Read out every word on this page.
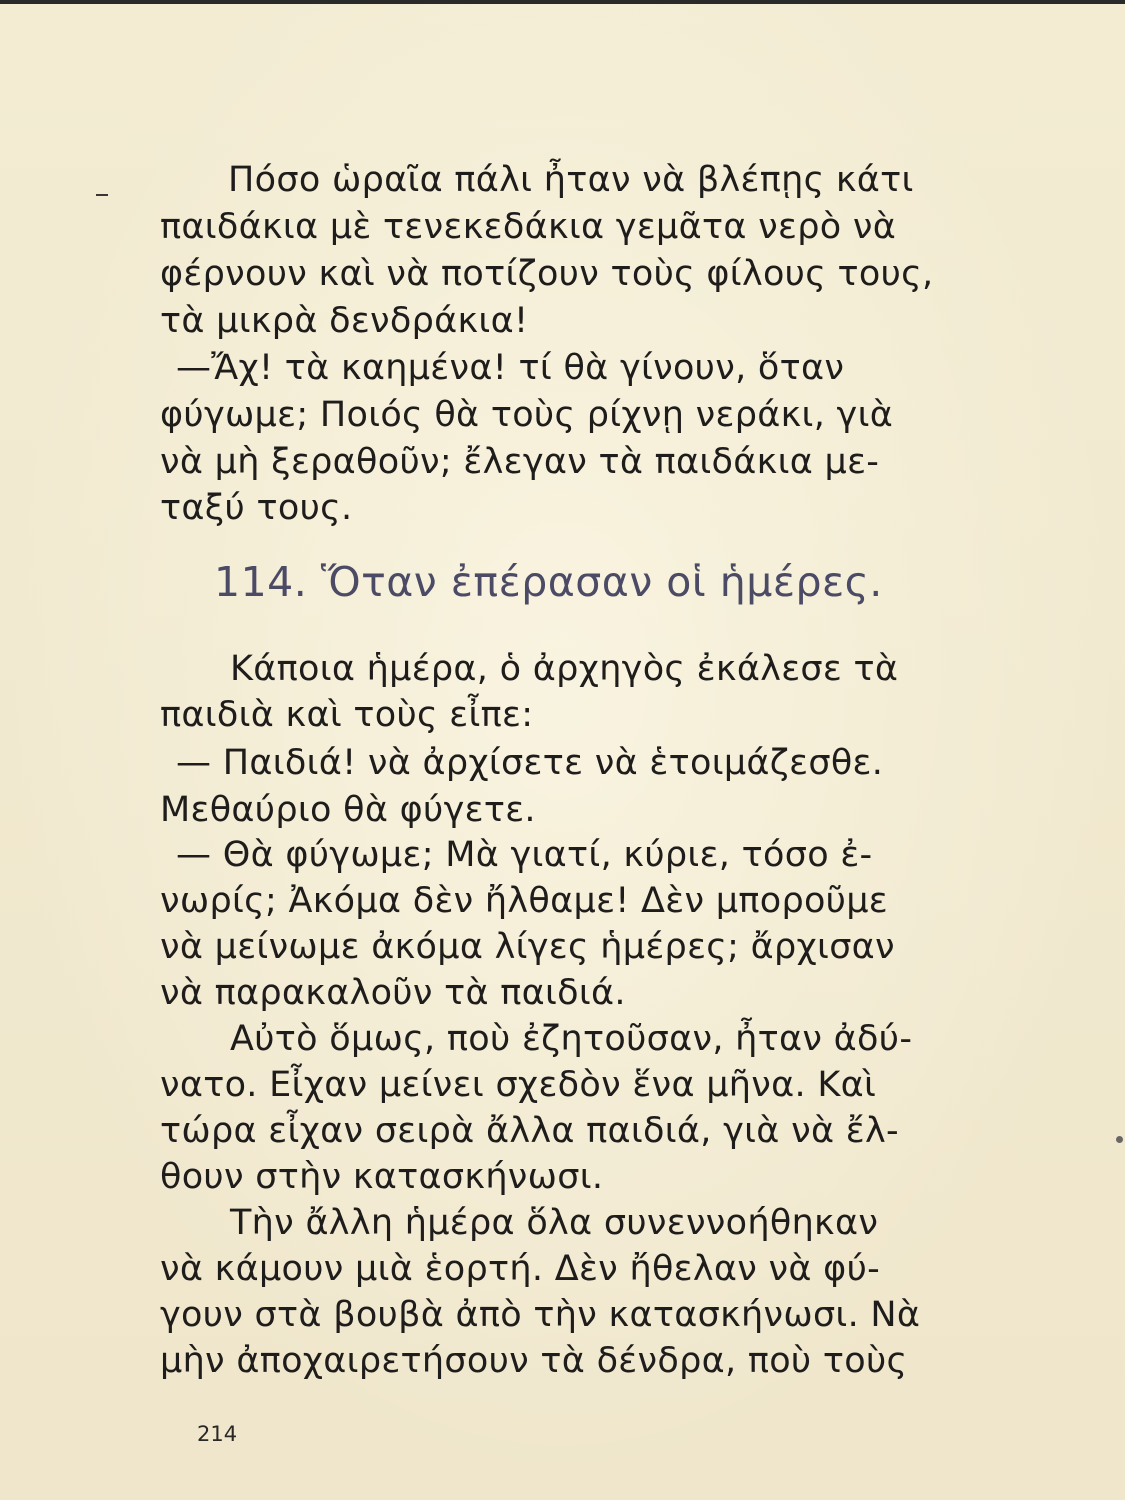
Πόσο ὡραῖα πάλι ἦταν νὰ βλέπῃς κάτι
παιδάκια μὲ τενεκεδάκια γεμᾶτα νερὸ νὰ
φέρνουν καὶ νὰ ποτίζουν τοὺς φίλους τους,
τὰ μικρὰ δενδράκια!
—Ἄχ! τὰ καημένα! τί θὰ γίνουν, ὅταν
φύγωμε; Ποιός θὰ τοὺς ρίχνῃ νεράκι, γιὰ
νὰ μὴ ξεραθοῦν; ἔλεγαν τὰ παιδάκια με-
ταξύ τους.
114. Ὅταν ἐπέρασαν οἱ ἡμέρες.
Κάποια ἡμέρα, ὁ ἀρχηγὸς ἐκάλεσε τὰ
παιδιὰ καὶ τοὺς εἶπε:
— Παιδιά! νὰ ἀρχίσετε νὰ ἑτοιμάζεσθε.
Μεθαύριο θὰ φύγετε.
— Θὰ φύγωμε; Μὰ γιατί, κύριε, τόσο ἐ-
νωρίς; Ἀκόμα δὲν ἤλθαμε! Δὲν μποροῦμε
νὰ μείνωμε ἀκόμα λίγες ἡμέρες; ἄρχισαν
νὰ παρακαλοῦν τὰ παιδιά.
Αὐτὸ ὅμως, ποὺ ἐζητοῦσαν, ἦταν ἀδύ-
νατο. Εἶχαν μείνει σχεδὸν ἕνα μῆνα. Καὶ
τώρα εἶχαν σειρὰ ἄλλα παιδιά, γιὰ νὰ ἔλ-
θουν στὴν κατασκήνωσι.
Τὴν ἄλλη ἡμέρα ὅλα συνεννοήθηκαν
νὰ κάμουν μιὰ ἑορτή. Δὲν ἤθελαν νὰ φύ-
γουν στὰ βουβὰ ἀπὸ τὴν κατασκήνωσι. Νὰ
μὴν ἀποχαιρετήσουν τὰ δένδρα, ποὺ τοὺς
214
